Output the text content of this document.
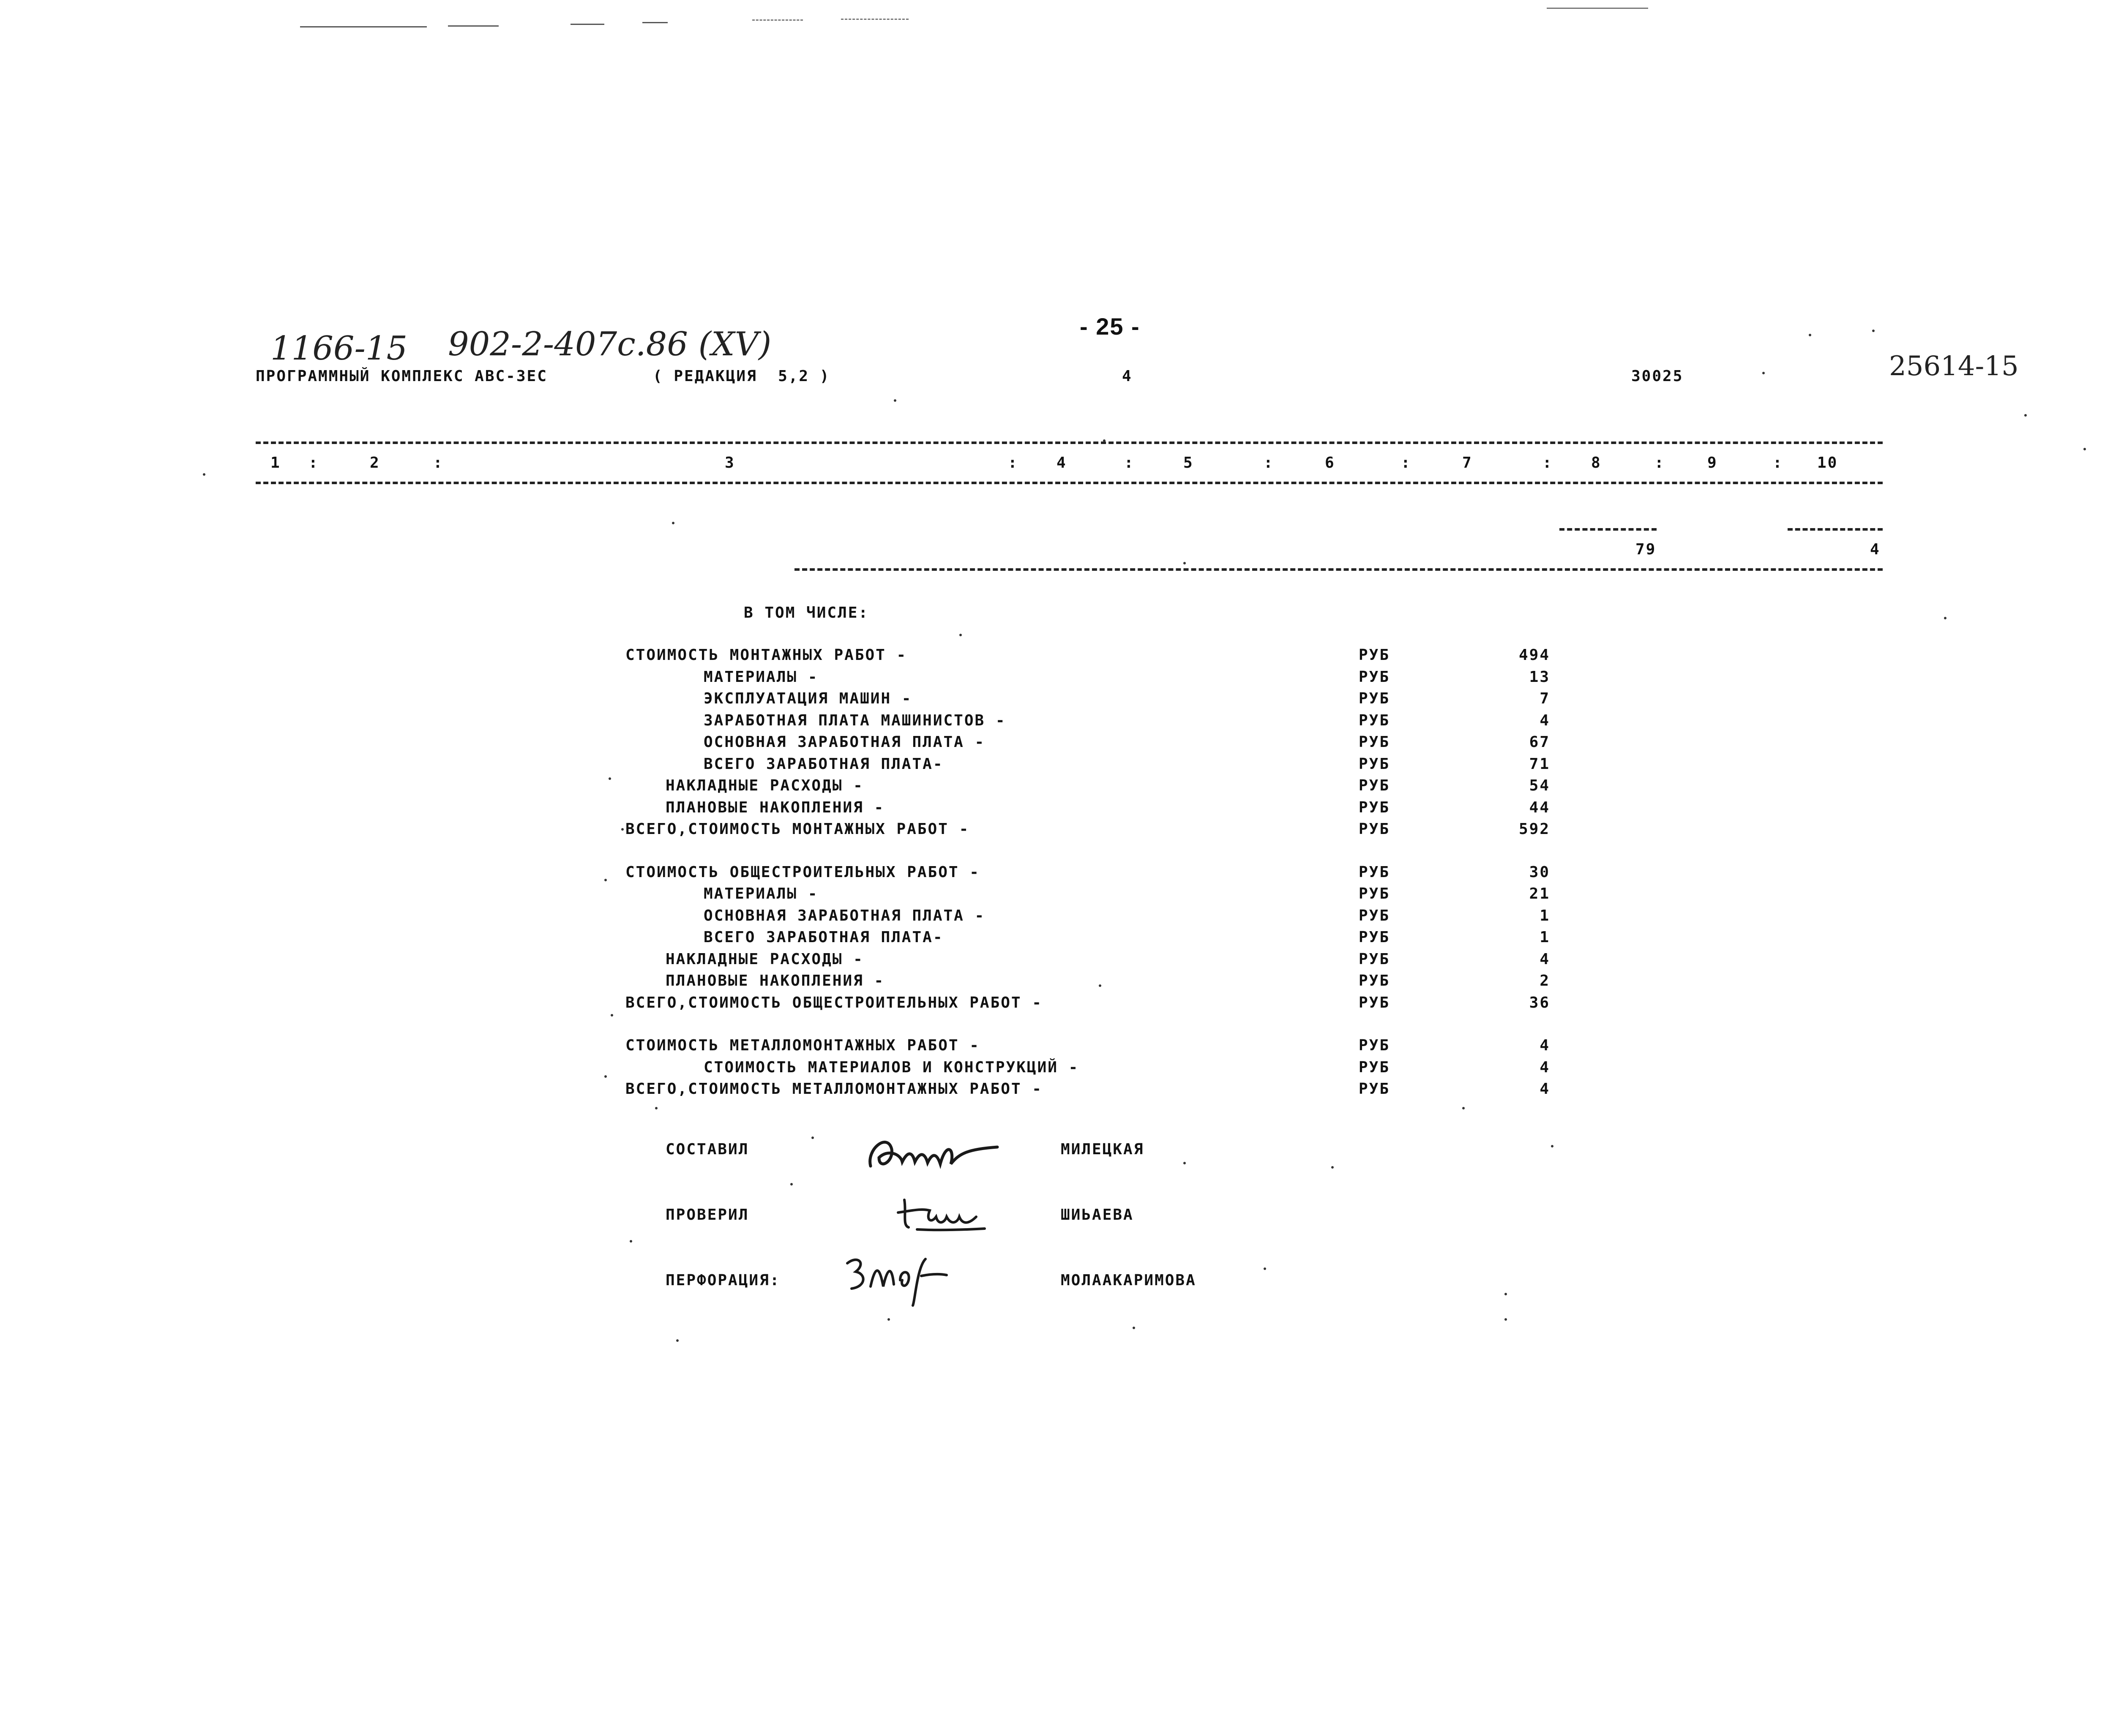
- 25 -
1166-15 902-2-407с.86 (XV)
25614-15
ПРОГРАММНЫЙ КОМПЛЕКС АВС-3ЕС	( РЕДАКЦИЯ  5,2 )	4	30025
1 :	2	:	3	:	4	:	5	:	6	:	7	:	8	:	9	: 10
79	4
В ТОМ ЧИСЛЕ:
СТОИМОСТЬ МОНТАЖНЫХ РАБОТ -	РУБ	494
МАТЕРИАЛЫ -	РУБ	13
ЭКСПЛУАТАЦИЯ МАШИН -	РУБ	7
ЗАРАБОТНАЯ ПЛАТА МАШИНИСТОВ -	РУБ	4
ОСНОВНАЯ ЗАРАБОТНАЯ ПЛАТА -	РУБ	67
ВСЕГО ЗАРАБОТНАЯ ПЛАТА-	РУБ	71
НАКЛАДНЫЕ РАСХОДЫ -	РУБ	54
ПЛАНОВЫЕ НАКОПЛЕНИЯ -	РУБ	44
ВСЕГО,СТОИМОСТЬ МОНТАЖНЫХ РАБОТ -	РУБ	592
СТОИМОСТЬ ОБЩЕСТРОИТЕЛЬНЫХ РАБОТ -	РУБ	30
МАТЕРИАЛЫ -	РУБ	21
ОСНОВНАЯ ЗАРАБОТНАЯ ПЛАТА -	РУБ	1
ВСЕГО ЗАРАБОТНАЯ ПЛАТА-	РУБ	1
НАКЛАДНЫЕ РАСХОДЫ -	РУБ	4
ПЛАНОВЫЕ НАКОПЛЕНИЯ -	РУБ	2
ВСЕГО,СТОИМОСТЬ ОБЩЕСТРОИТЕЛЬНЫХ РАБОТ -	РУБ	36
СТОИМОСТЬ МЕТАЛЛОМОНТАЖНЫХ РАБОТ -	РУБ	4
СТОИМОСТЬ МАТЕРИАЛОВ И КОНСТРУКЦИЙ -	РУБ	4
ВСЕГО,СТОИМОСТЬ МЕТАЛЛОМОНТАЖНЫХ РАБОТ -	РУБ	4
СОСТАВИЛ	МИЛЕЦКАЯ
ПРОВЕРИЛ	ШИЬАЕВА
ПЕРФОРАЦИЯ:	МОЛААКАРИМОВА
